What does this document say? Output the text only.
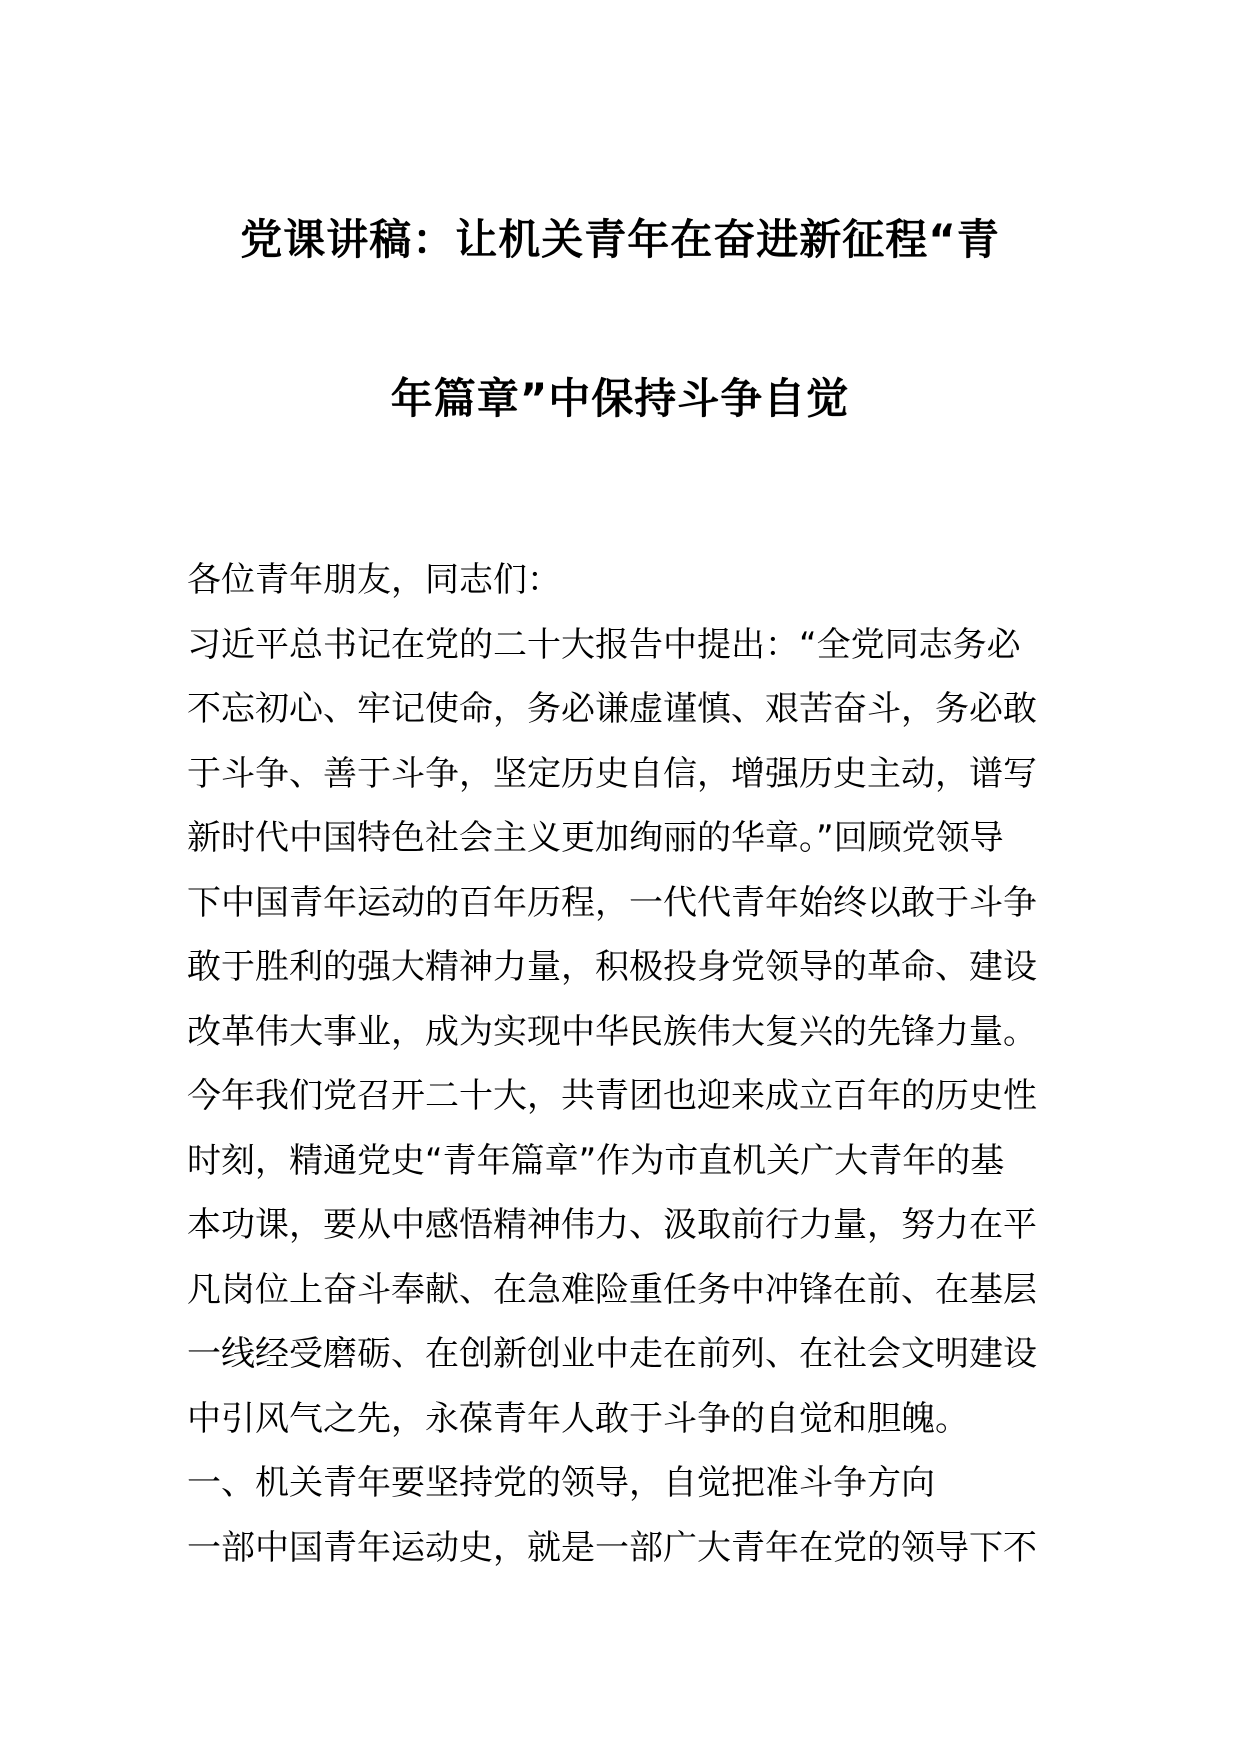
党课讲稿：让机关青年在奋进新征程“青
年篇章”中保持斗争自觉
各位青年朋友，同志们：
习近平总书记在党的二十大报告中提出：“全党同志务必
不忘初心、牢记使命，务必谦虚谨慎、艰苦奋斗，务必敢
于斗争、善于斗争，坚定历史自信，增强历史主动，谱写
新时代中国特色社会主义更加绚丽的华章。”回顾党领导
下中国青年运动的百年历程，一代代青年始终以敢于斗争
敢于胜利的强大精神力量，积极投身党领导的革命、建设
改革伟大事业，成为实现中华民族伟大复兴的先锋力量。
今年我们党召开二十大，共青团也迎来成立百年的历史性
时刻，精通党史“青年篇章”作为市直机关广大青年的基
本功课，要从中感悟精神伟力、汲取前行力量，努力在平
凡岗位上奋斗奉献、在急难险重任务中冲锋在前、在基层
一线经受磨砺、在创新创业中走在前列、在社会文明建设
中引风气之先，永葆青年人敢于斗争的自觉和胆魄。
一、机关青年要坚持党的领导，自觉把准斗争方向
一部中国青年运动史，就是一部广大青年在党的领导下不
